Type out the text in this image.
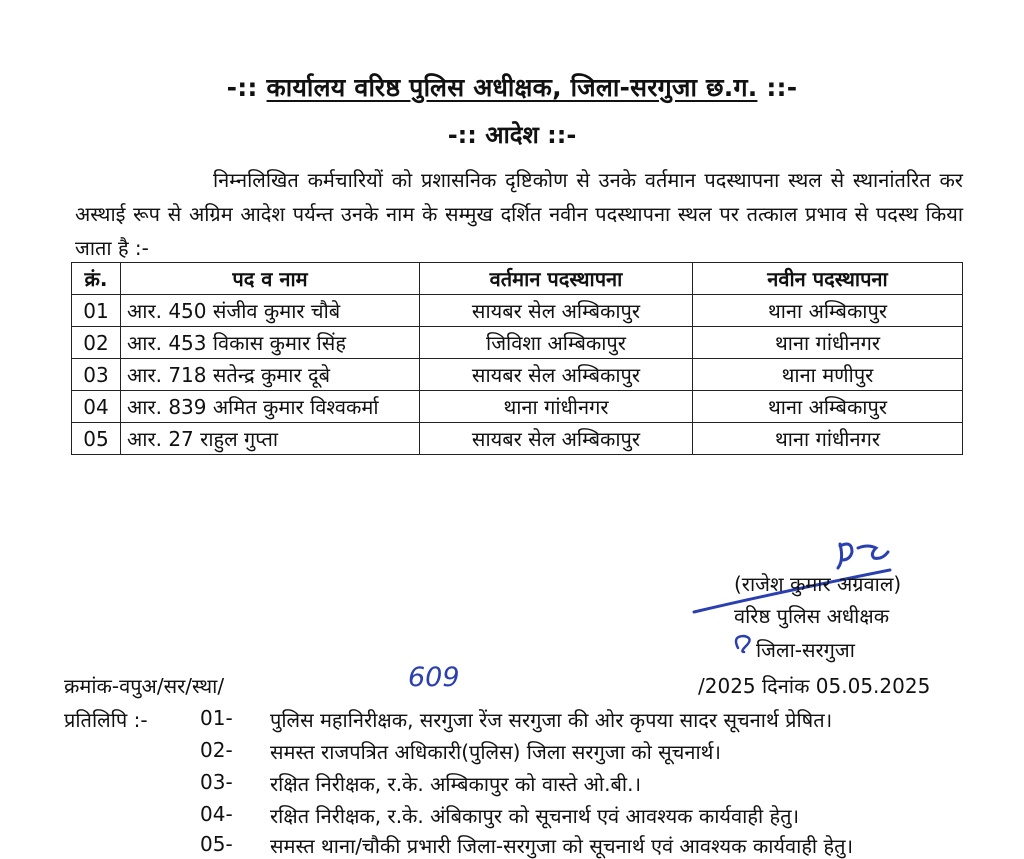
-:: कार्यालय वरिष्ठ पुलिस अधीक्षक, जिला-सरगुजा छ.ग. ::-
-:: आदेश ::-
निम्नलिखित कर्मचारियों को प्रशासनिक दृष्टिकोण से उनके वर्तमान पदस्थापना स्थल से स्थानांतरित कर अस्थाई रूप से अग्रिम आदेश पर्यन्त उनके नाम के सम्मुख दर्शित नवीन पदस्थापना स्थल पर तत्काल प्रभाव से पदस्थ किया जाता है :-
क्रं.	पद व नाम	वर्तमान पदस्थापना	नवीन पदस्थापना
01	आर. 450 संजीव कुमार चौबे	सायबर सेल अम्बिकापुर	थाना अम्बिकापुर
02	आर. 453 विकास कुमार सिंह	जिविशा अम्बिकापुर	थाना गांधीनगर
03	आर. 718 सतेन्द्र कुमार दूबे	सायबर सेल अम्बिकापुर	थाना मणीपुर
04	आर. 839 अमित कुमार विश्वकर्मा	थाना गांधीनगर	थाना अम्बिकापुर
05	आर. 27 राहुल गुप्ता	सायबर सेल अम्बिकापुर	थाना गांधीनगर
(राजेश कुमार अग्रवाल)
वरिष्ठ पुलिस अधीक्षक
जिला-सरगुजा
क्रमांक-वपुअ/सर/स्था/	609	/2025 दिनांक 05.05.2025
प्रतिलिपि :-	01- पुलिस महानिरीक्षक, सरगुजा रेंज सरगुजा की ओर कृपया सादर सूचनार्थ प्रेषित।
02- समस्त राजपत्रित अधिकारी(पुलिस) जिला सरगुजा को सूचनार्थ।
03- रक्षित निरीक्षक, र.के. अम्बिकापुर को वास्ते ओ.बी.।
04- रक्षित निरीक्षक, र.के. अंबिकापुर को सूचनार्थ एवं आवश्यक कार्यवाही हेतु।
05- समस्त थाना/चौकी प्रभारी जिला-सरगुजा को सूचनार्थ एवं आवश्यक कार्यवाही हेतु।
